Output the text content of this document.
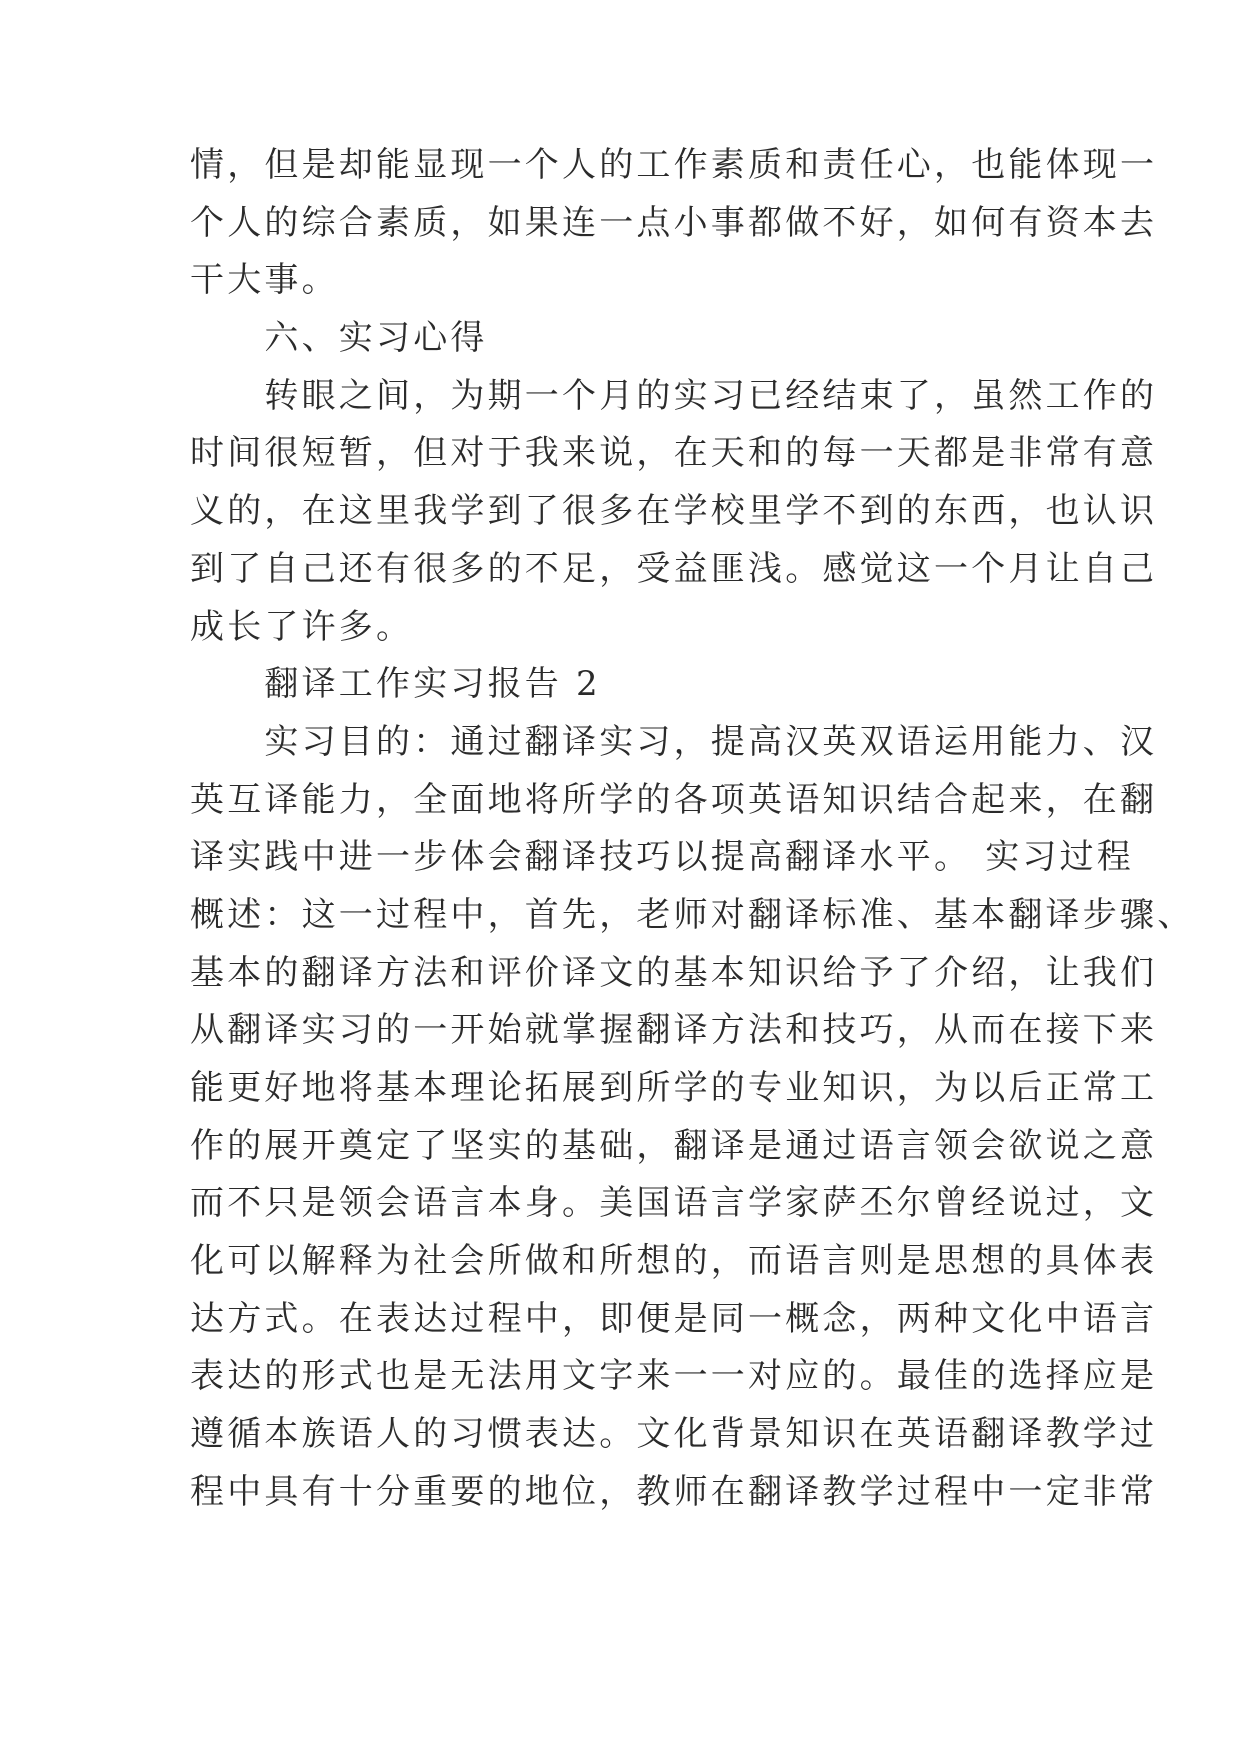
情，但是却能显现一个人的工作素质和责任心，也能体现一
个人的综合素质，如果连一点小事都做不好，如何有资本去
干大事。
　　六、实习心得
　　转眼之间，为期一个月的实习已经结束了，虽然工作的
时间很短暂，但对于我来说，在天和的每一天都是非常有意
义的，在这里我学到了很多在学校里学不到的东西，也认识
到了自己还有很多的不足，受益匪浅。感觉这一个月让自己
成长了许多。
　　翻译工作实习报告 2
　　实习目的：通过翻译实习，提高汉英双语运用能力、汉
英互译能力，全面地将所学的各项英语知识结合起来，在翻
译实践中进一步体会翻译技巧以提高翻译水平。 实习过程
概述：这一过程中，首先，老师对翻译标准、基本翻译步骤、
基本的翻译方法和评价译文的基本知识给予了介绍，让我们
从翻译实习的一开始就掌握翻译方法和技巧，从而在接下来
能更好地将基本理论拓展到所学的专业知识，为以后正常工
作的展开奠定了坚实的基础，翻译是通过语言领会欲说之意
而不只是领会语言本身。美国语言学家萨丕尔曾经说过，文
化可以解释为社会所做和所想的，而语言则是思想的具体表
达方式。在表达过程中，即便是同一概念，两种文化中语言
表达的形式也是无法用文字来一一对应的。最佳的选择应是
遵循本族语人的习惯表达。文化背景知识在英语翻译教学过
程中具有十分重要的地位，教师在翻译教学过程中一定非常
